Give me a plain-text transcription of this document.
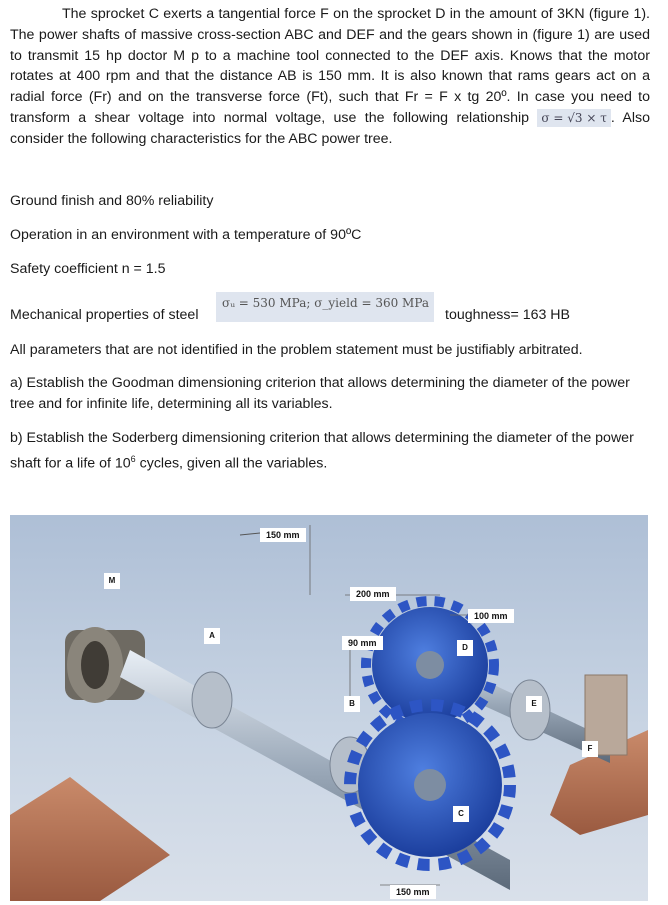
The sprocket C exerts a tangential force F on the sprocket D in the amount of 3KN (figure 1). The power shafts of massive cross-section ABC and DEF and the gears shown in (figure 1) are used to transmit 15 hp doctor M p to a machine tool connected to the DEF axis. Knows that the motor rotates at 400 rpm and that the distance AB is 150 mm. It is also known that rams gears act on a radial force (Fr) and on the transverse force (Ft), such that Fr = F x tg 20º. In case you need to transform a shear voltage into normal voltage, use the following relationship σ = √3 × τ . Also consider the following characteristics for the ABC power tree.
Ground finish and 80% reliability
Operation in an environment with a temperature of 90ºC
Safety coefficient n = 1.5
Mechanical properties of steel
σᵤ = 530 MPa; σ_yield = 360 MPa
toughness= 163 HB
All parameters that are not identified in the problem statement must be justifiably arbitrated.
a) Establish the Goodman dimensioning criterion that allows determining the diameter of the power tree and for infinite life, determining all its variables.
b) Establish the Soderberg dimensioning criterion that allows determining the diameter of the power shaft for a life of $10^6$ cycles, given all the variables.
150 mm
200 mm
100 mm
90 mm
150 mm
M
A
B
C
D
E
F
